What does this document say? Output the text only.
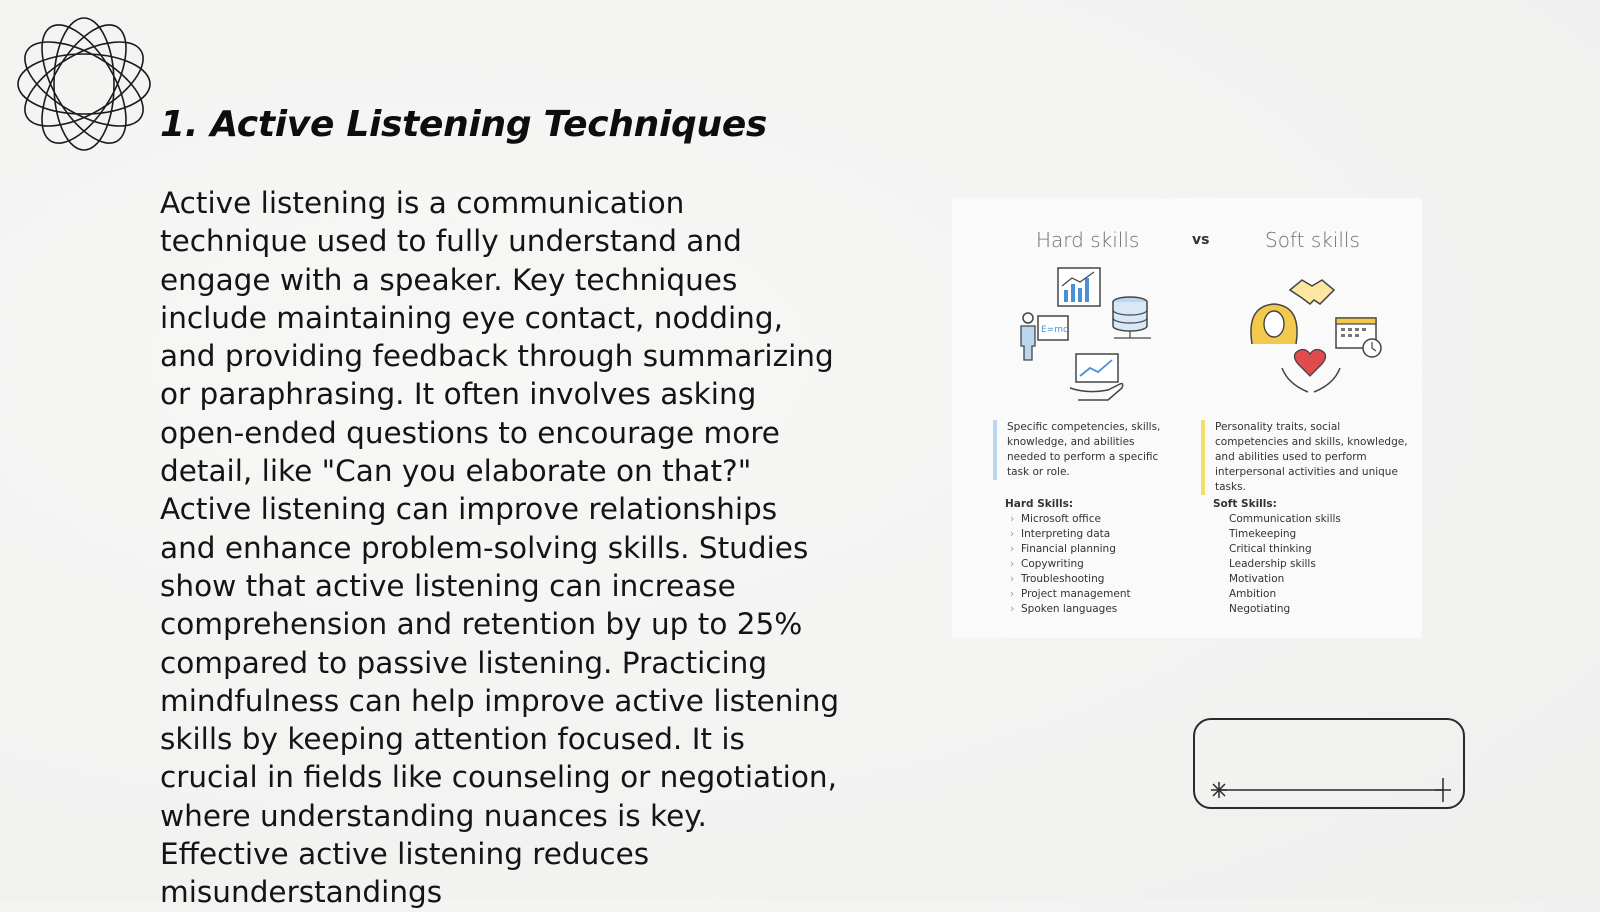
1. Active Listening Techniques

Active listening is a communication technique used to fully understand and engage with a speaker. Key techniques include maintaining eye contact, nodding, and providing feedback through summarizing or paraphrasing. It often involves asking open-ended questions to encourage more detail, like "Can you elaborate on that?" Active listening can improve relationships and enhance problem-solving skills. Studies show that active listening can increase comprehension and retention by up to 25% compared to passive listening. Practicing mindfulness can help improve active listening skills by keeping attention focused. It is crucial in fields like counseling or negotiation, where understanding nuances is key. Effective active listening reduces misunderstandings

Hard skills	vs	Soft skills
E=mc
Specific competencies, skills, knowledge, and abilities needed to perform a specific task or role.
Personality traits, social competencies and skills, knowledge, and abilities used to perform interpersonal activities and unique tasks.
Hard Skills:
› Microsoft office
› Interpreting data
› Financial planning
› Copywriting
› Troubleshooting
› Project management
› Spoken languages
Soft Skills:
Communication skills
Timekeeping
Critical thinking
Leadership skills
Motivation
Ambition
Negotiating
